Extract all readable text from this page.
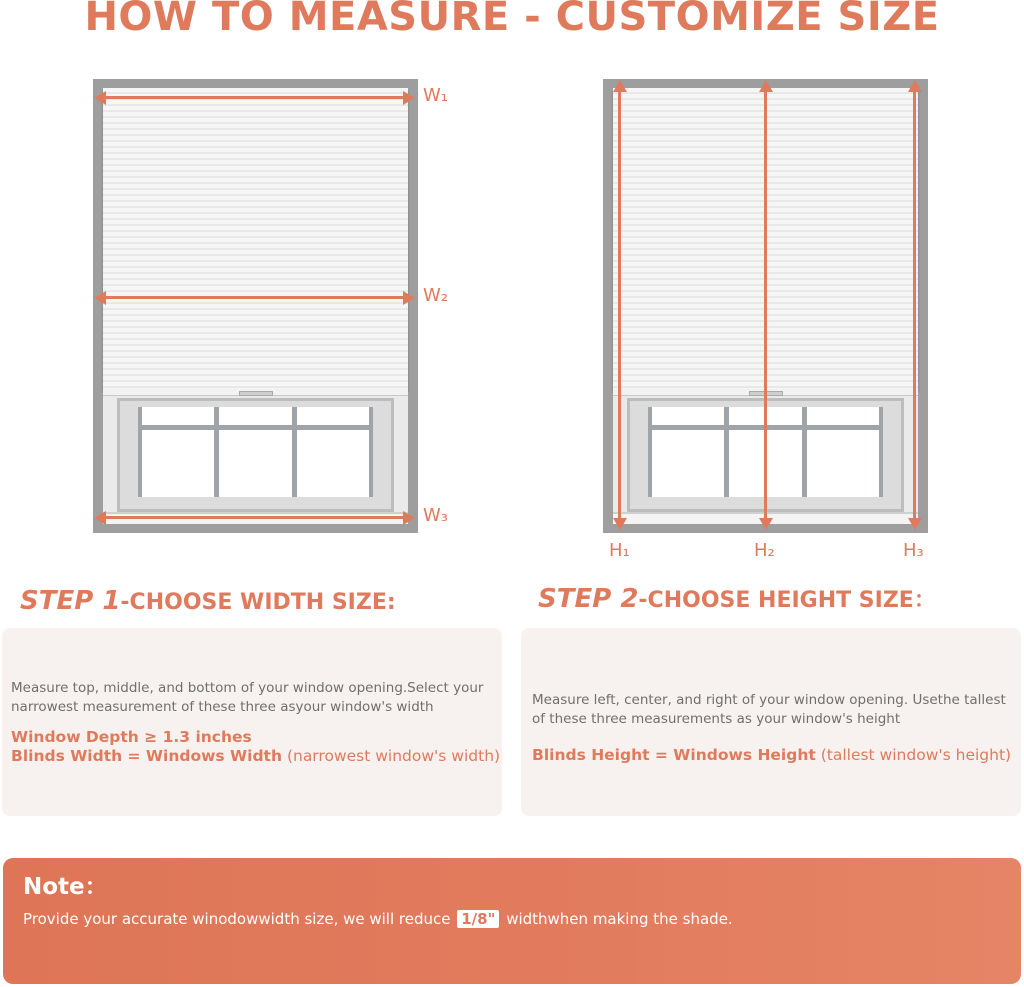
HOW TO MEASURE - CUSTOMIZE SIZE
W₁
W₂
W₃
H₁	H₂	H₃
STEP 1-CHOOSE WIDTH SIZE:

Measure top, middle, and bottom of your window opening.Select your narrowest measurement of these three asyour window's width

Window Depth ≥ 1.3 inches
Blinds Width = Windows Width (narrowest window's width)
STEP 2-CHOOSE HEIGHT SIZE：

Measure left, center, and right of your window opening. Usethe tallest of these three measurements as your window's height

Blinds Height = Windows Height (tallest window's height)
Note：
Provide your accurate winodowwidth size, we will reduce 1/8" widthwhen making the shade.
